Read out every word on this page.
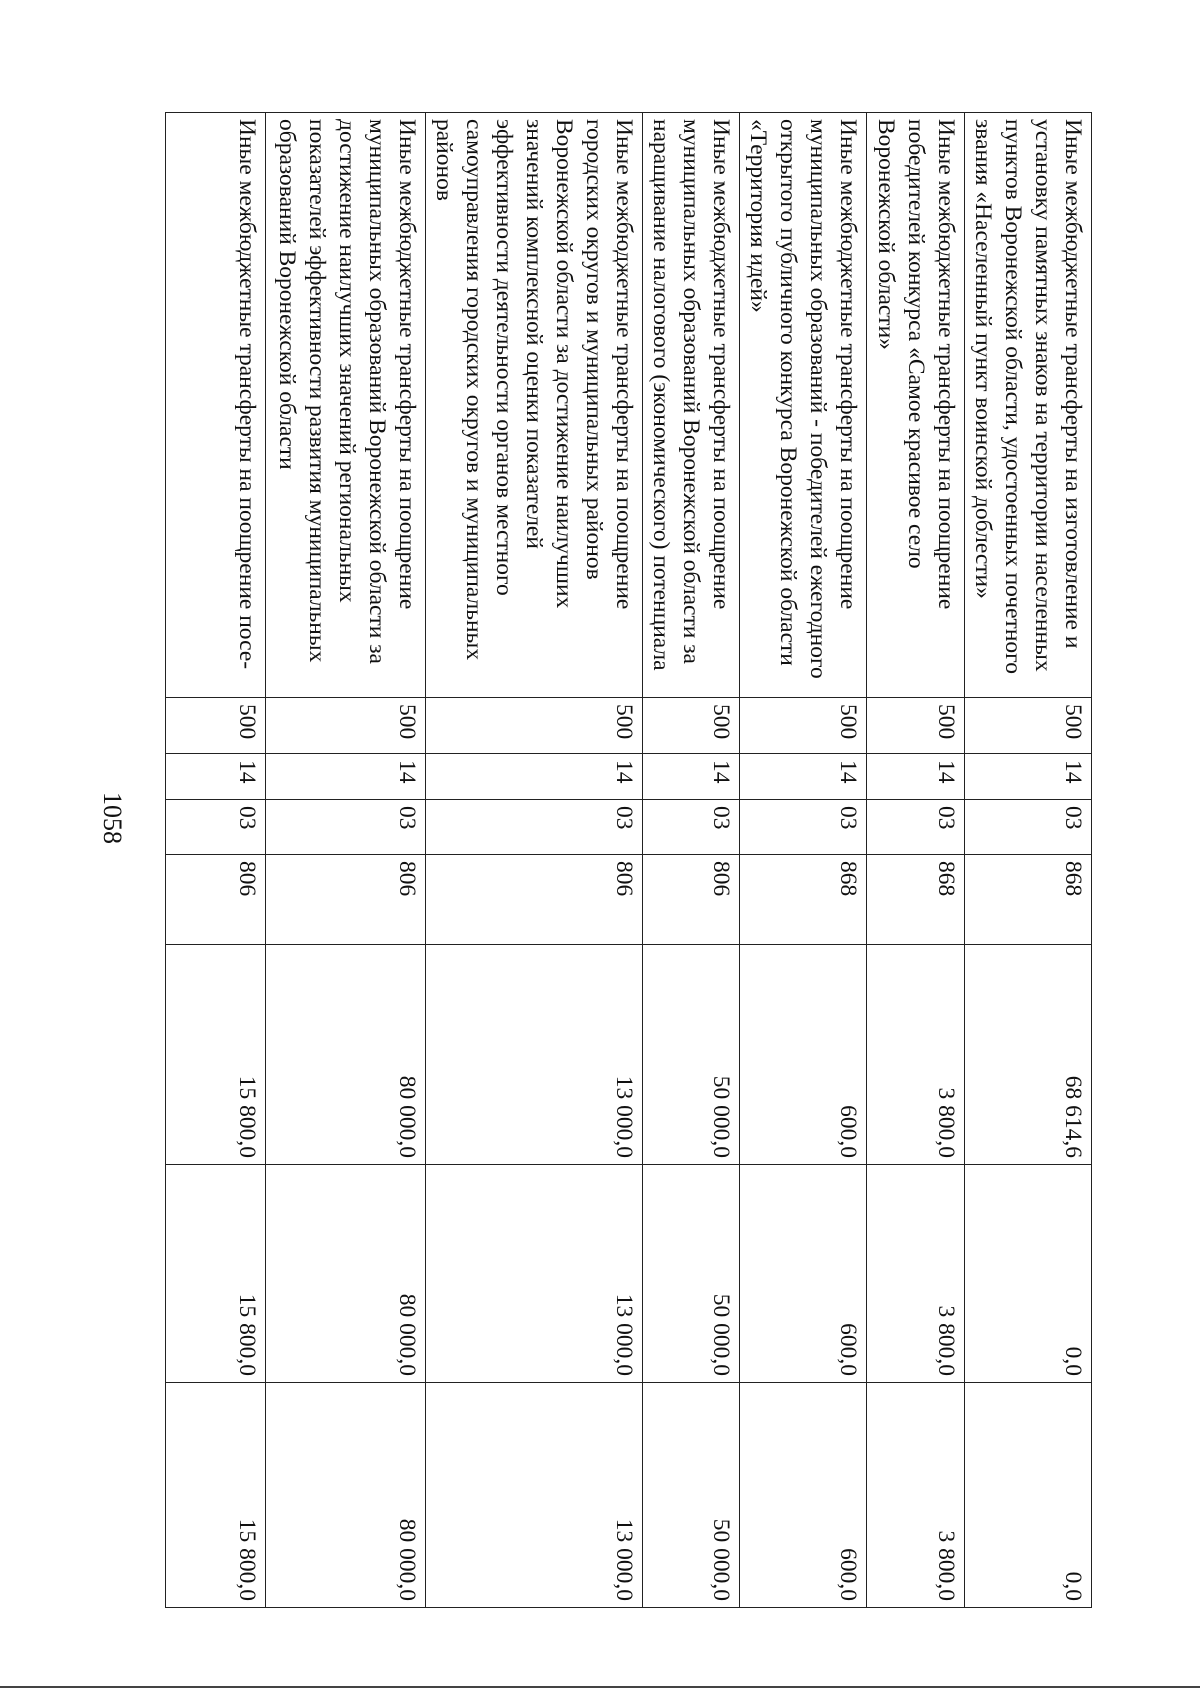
1058
Иные межбюджетные трансферты на изготовление и установку памятных знаков на территории населенных пунктов Воронежской области, удостоенных почетного звания «Населенный пункт воинской доблести»	500	14	03	868	68 614,6	0,0	0,0

Иные межбюджетные трансферты на поощрение победителей конкурса «Самое красивое село Воронежской области»	500	14	03	868	3 800,0	3 800,0	3 800,0

Иные межбюджетные трансферты на поощрение муниципальных образований - победителей ежегодного открытого публичного конкурса Воронежской области «Территория идей»	500	14	03	868	600,0	600,0	600,0

Иные межбюджетные трансферты на поощрение муниципальных образований Воронежской области за наращивание налогового (экономического) потенциала	500	14	03	806	50 000,0	50 000,0	50 000,0

Иные межбюджетные трансферты на поощрение городских округов и муниципальных районов Воронежской области за достижение наилучших значений комплексной оценки показателей эффективности деятельности органов местного самоуправления городских округов и муниципальных районов	500	14	03	806	13 000,0	13 000,0	13 000,0

Иные межбюджетные трансферты на поощрение муниципальных образований Воронежской области за достижение наилучших значений региональных показателей эффективности развития муниципальных образований Воронежской области	500	14	03	806	80 000,0	80 000,0	80 000,0

Иные межбюджетные трансферты на поощрение посе-	500	14	03	806	15 800,0	15 800,0	15 800,0
